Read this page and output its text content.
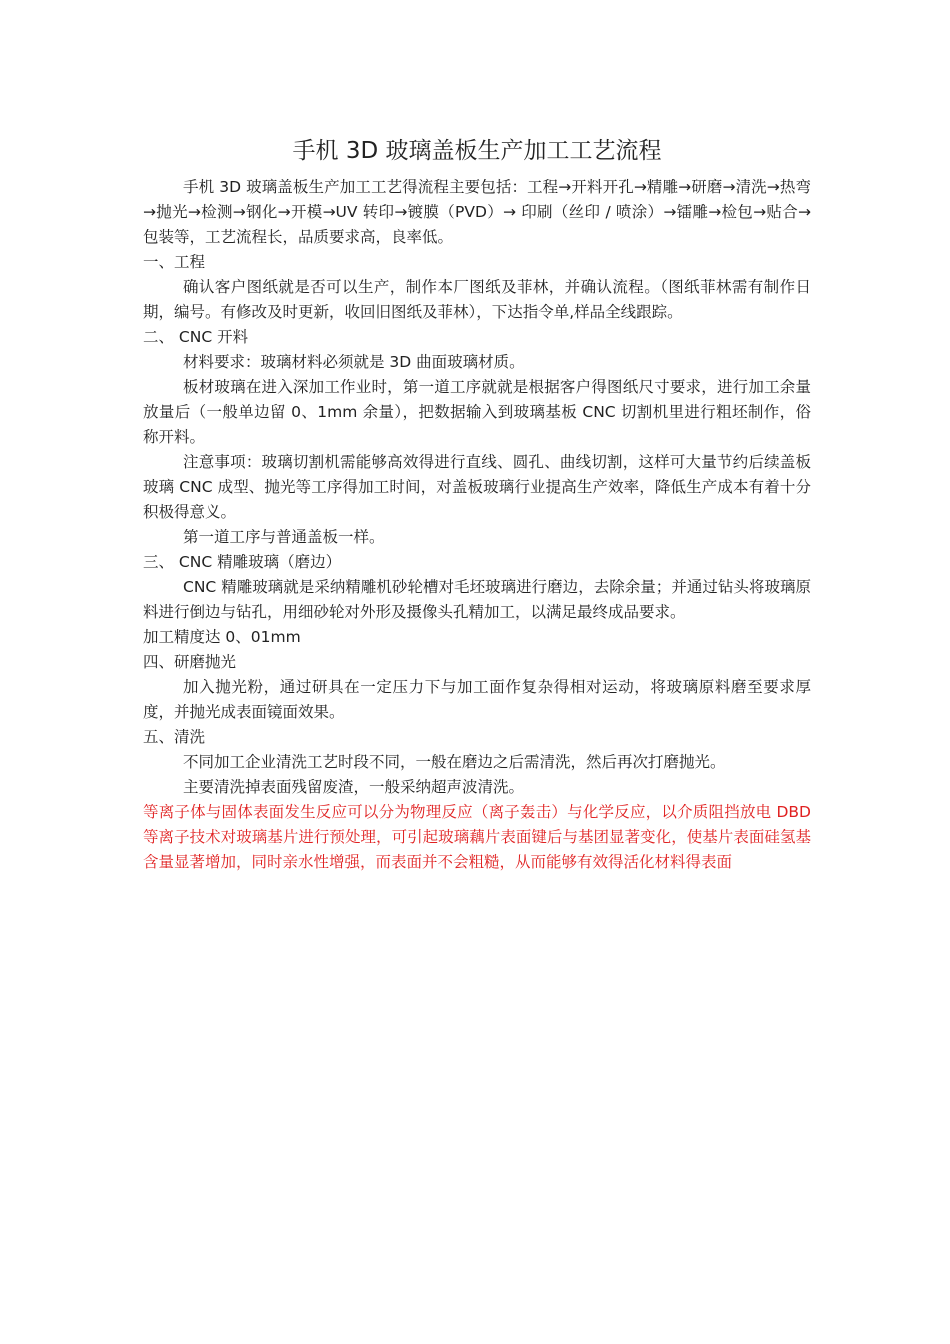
手机 3D 玻璃盖板生产加工工艺流程

手机 3D 玻璃盖板生产加工工艺得流程主要包括：工程→开料开孔→精雕→研磨→清洗→热弯→抛光→检测→钢化→开模→UV 转印→镀膜（PVD）→ 印刷（丝印 / 喷涂）→镭雕→检包→贴合→ 包装等，工艺流程长，品质要求高，良率低。

一、工程

确认客户图纸就是否可以生产，制作本厂图纸及菲林，并确认流程。（图纸菲林需有制作日期，编号。有修改及时更新，收回旧图纸及菲林），下达指令单,样品全线跟踪。

二、 CNC 开料

材料要求：玻璃材料必须就是 3D 曲面玻璃材质。

板材玻璃在进入深加工作业时，第一道工序就就是根据客户得图纸尺寸要求，进行加工余量放量后（一般单边留 0、1mm 余量），把数据输入到玻璃基板 CNC 切割机里进行粗坯制作，俗称开料。

注意事项：玻璃切割机需能够高效得进行直线、圆孔、曲线切割，这样可大量节约后续盖板玻璃 CNC 成型、抛光等工序得加工时间，对盖板玻璃行业提高生产效率，降低生产成本有着十分积极得意义。

第一道工序与普通盖板一样。

三、 CNC 精雕玻璃（磨边）

CNC 精雕玻璃就是采纳精雕机砂轮槽对毛坯玻璃进行磨边，去除余量；并通过钻头将玻璃原料进行倒边与钻孔，用细砂轮对外形及摄像头孔精加工，以满足最终成品要求。

加工精度达 0、01mm

四、研磨抛光

加入抛光粉，通过研具在一定压力下与加工面作复杂得相对运动，将玻璃原料磨至要求厚度，并抛光成表面镜面效果。

五、清洗

不同加工企业清洗工艺时段不同，一般在磨边之后需清洗，然后再次打磨抛光。

主要清洗掉表面残留废渣，一般采纳超声波清洗。

等离子体与固体表面发生反应可以分为物理反应（离子轰击）与化学反应，以介质阻挡放电 DBD 等离子技术对玻璃基片进行预处理，可引起玻璃藕片表面键后与基团显著变化，使基片表面硅氢基含量显著增加，同时亲水性增强，而表面并不会粗糙，从而能够有效得活化材料得表面
